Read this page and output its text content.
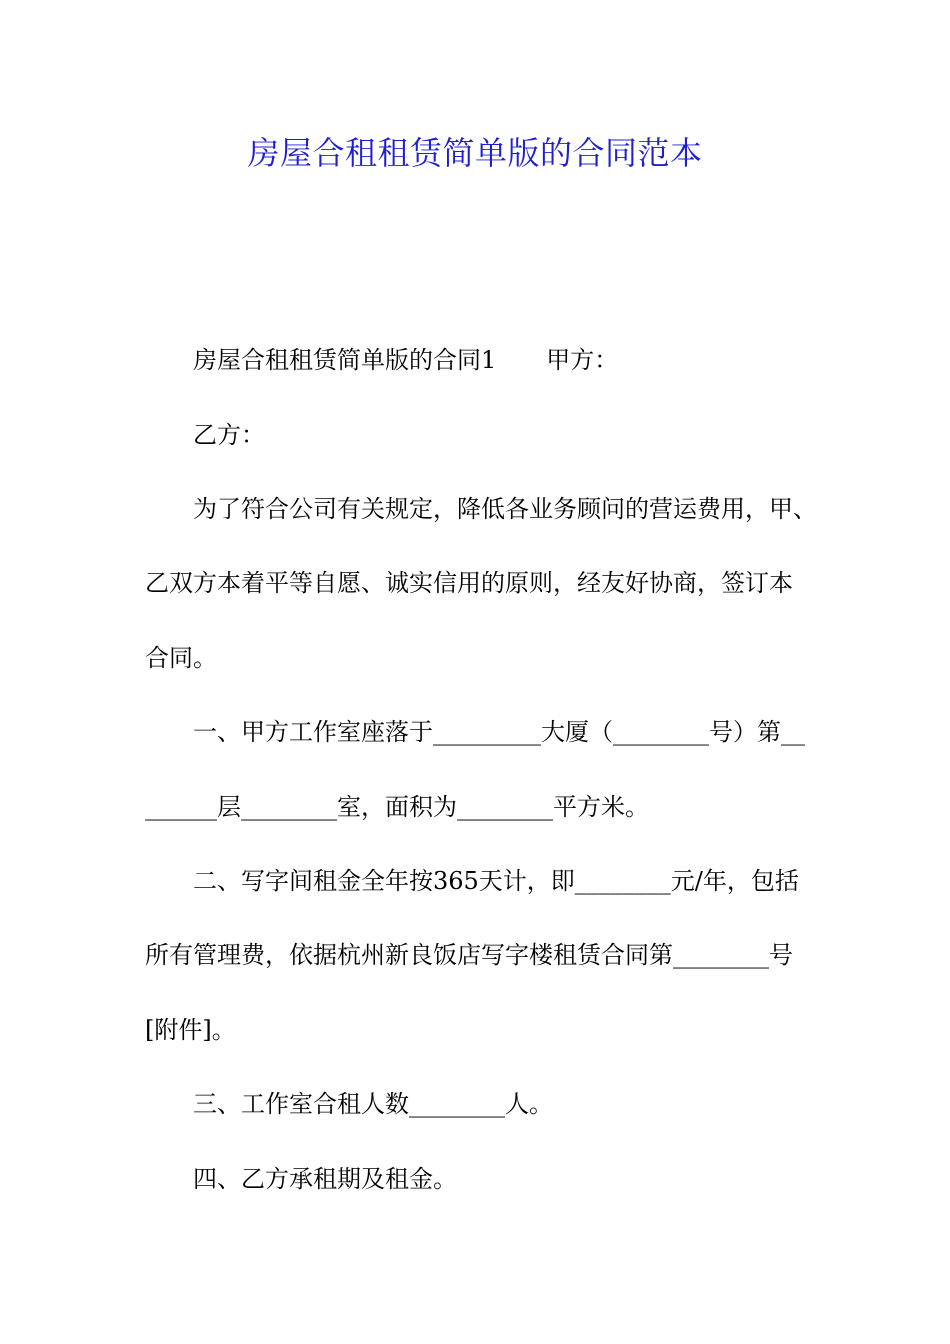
房屋合租租赁简单版的合同范本

房屋合租租赁简单版的合同1 甲方：

乙方：

为了符合公司有关规定，降低各业务顾问的营运费用，甲、

乙双方本着平等自愿、诚实信用的原则，经友好协商，签订本

合同。

一、甲方工作室座落于_________大厦（________号）第__

______层________室，面积为________平方米。

二、写字间租金全年按365天计，即________元/年，包括

所有管理费，依据杭州新良饭店写字楼租赁合同第________号

[附件]。

三、工作室合租人数________人。

四、乙方承租期及租金。
